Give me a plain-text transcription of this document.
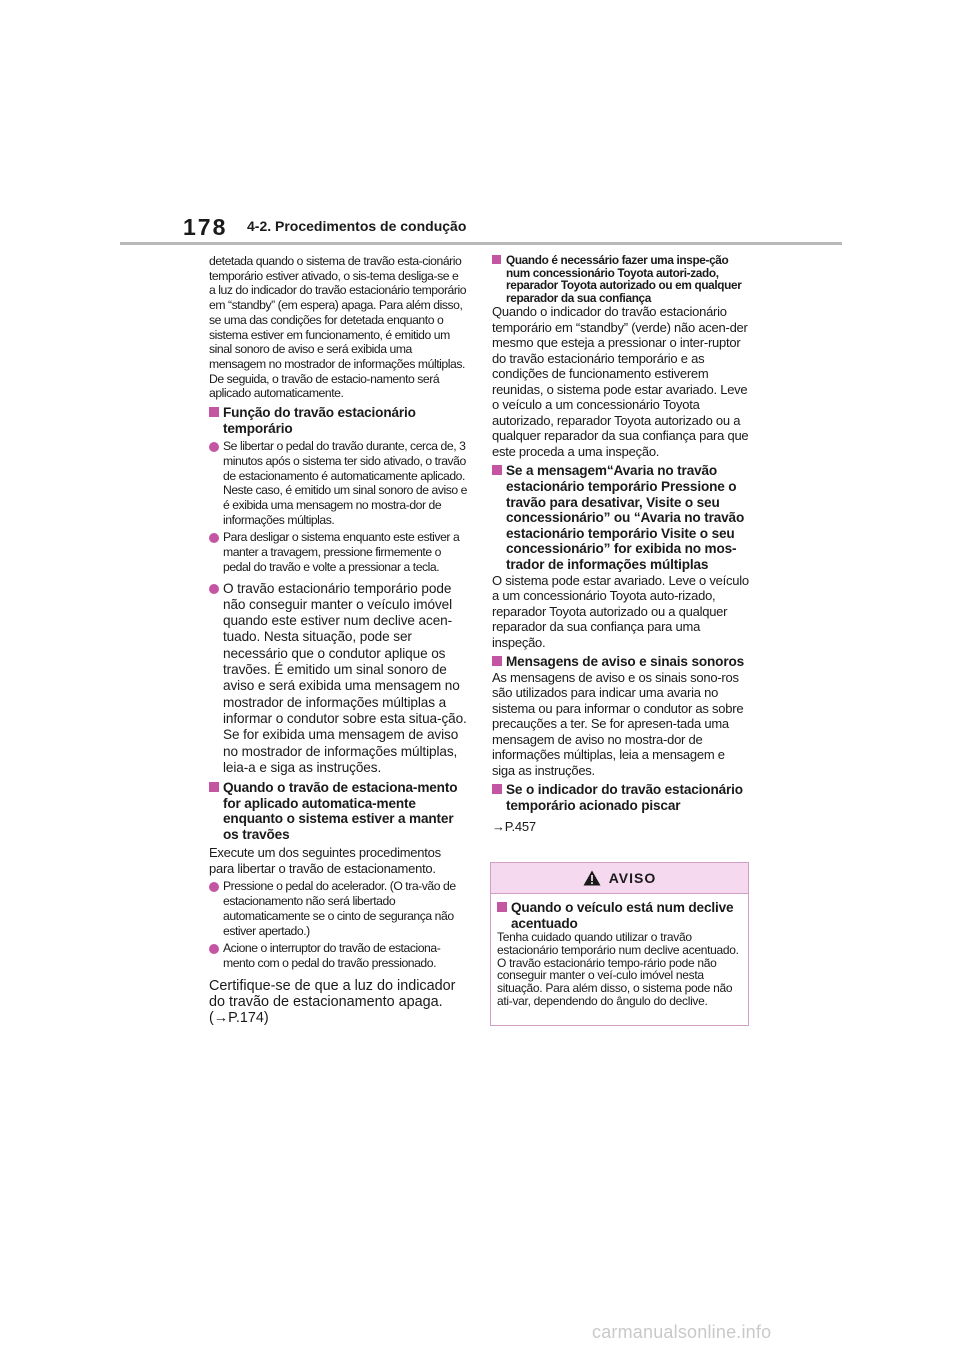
178 4-2. Procedimentos de condução

detetada quando o sistema de travão esta-cionário temporário estiver ativado, o sis-tema desliga-se e a luz do indicador do travão estacionário temporário em “standby” (em espera) apaga. Para além disso, se uma das condições for detetada enquanto o sistema estiver em funcionamento, é emitido um sinal sonoro de aviso e será exibida uma mensagem no mostrador de informações múltiplas. De seguida, o travão de estacio-namento será aplicado automaticamente.

Função do travão estacionário temporário
Se libertar o pedal do travão durante, cerca de, 3 minutos após o sistema ter sido ativado, o travão de estacionamento é automaticamente aplicado. Neste caso, é emitido um sinal sonoro de aviso e é exibida uma mensagem no mostra-dor de informações múltiplas.
Para desligar o sistema enquanto este estiver a manter a travagem, pressione firmemente o pedal do travão e volte a pressionar a tecla.
O travão estacionário temporário pode não conseguir manter o veículo imóvel quando este estiver num declive acen-tuado. Nesta situação, pode ser necessário que o condutor aplique os travões. É emitido um sinal sonoro de aviso e será exibida uma mensagem no mostrador de informações múltiplas a informar o condutor sobre esta situa-ção. Se for exibida uma mensagem de aviso no mostrador de informações múltiplas, leia-a e siga as instruções.
Quando o travão de estaciona-mento for aplicado automatica-mente enquanto o sistema estiver a manter os travões

Execute um dos seguintes procedimentos para libertar o travão de estacionamento.

Pressione o pedal do acelerador. (O tra-vão de estacionamento não será libertado automaticamente se o cinto de segurança não estiver apertado.)
Acione o interruptor do travão de estaciona-mento com o pedal do travão pressionado.

Certifique-se de que a luz do indicador do travão de estacionamento apaga. (→P.174)

Quando é necessário fazer uma inspe-ção num concessionário Toyota autori-zado, reparador Toyota autorizado ou em qualquer reparador da sua confiança

Quando o indicador do travão estacionário temporário em “standby” (verde) não acen-der mesmo que esteja a pressionar o inter-ruptor do travão estacionário temporário e as condições de funcionamento estiverem reunidas, o sistema pode estar avariado. Leve o veículo a um concessionário Toyota autorizado, reparador Toyota autorizado ou a qualquer reparador da sua confiança para que este proceda a uma inspeção.

Se a mensagem“Avaria no travão estacionário temporário Pressione o travão para desativar, Visite o seu concessionário” ou “Avaria no travão estacionário temporário Visite o seu concessionário” for exibida no mos-trador de informações múltiplas

O sistema pode estar avariado. Leve o veículo a um concessionário Toyota auto-rizado, reparador Toyota autorizado ou a qualquer reparador da sua confiança para uma inspeção.

Mensagens de aviso e sinais sonoros

As mensagens de aviso e os sinais sono-ros são utilizados para indicar uma avaria no sistema ou para informar o condutor as sobre precauções a ter. Se for apresen-tada uma mensagem de aviso no mostra-dor de informações múltiplas, leia a mensagem e siga as instruções.

Se o indicador do travão estacionário temporário acionado piscar

→P.457

AVISO
Quando o veículo está num declive acentuado

Tenha cuidado quando utilizar o travão estacionário temporário num declive acentuado. O travão estacionário tempo-rário pode não conseguir manter o veí-culo imóvel nesta situação. Para além disso, o sistema pode não ati-var, dependendo do ângulo do declive.

carmanualsonline.info
